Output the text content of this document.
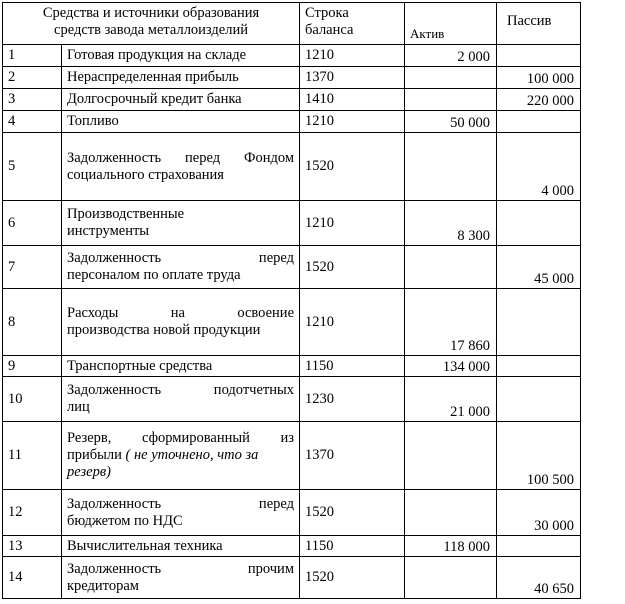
Средства и источники образования
средств завода металлоизделий		Строка
баланса	Актив	Пассив
1	Готовая продукция на складе	1210	2 000	
2	Нераспределенная прибыль	1370		100 000
3	Долгосрочный кредит банка	1410		220 000
4	Топливо	1210	50 000	
5	Задолженность перед Фондом
социального страхования	1520		4 000
6	Производственные
инструменты	1210	8 300	
7	Задолженность перед
персоналом по оплате труда	1520		45 000
8	Расходы на освоение
производства новой продукции	1210	17 860	
9	Транспортные средства	1150	134 000	
10	Задолженность подотчетных
лиц	1230	21 000	
11	Резерв, сформированный из
прибыли ( не уточнено, что за
резерв)	1370		100 500
12	Задолженность перед
бюджетом по НДС	1520		30 000
13	Вычислительная техника	1150	118 000	
14	Задолженность прочим
кредиторам	1520		40 650
